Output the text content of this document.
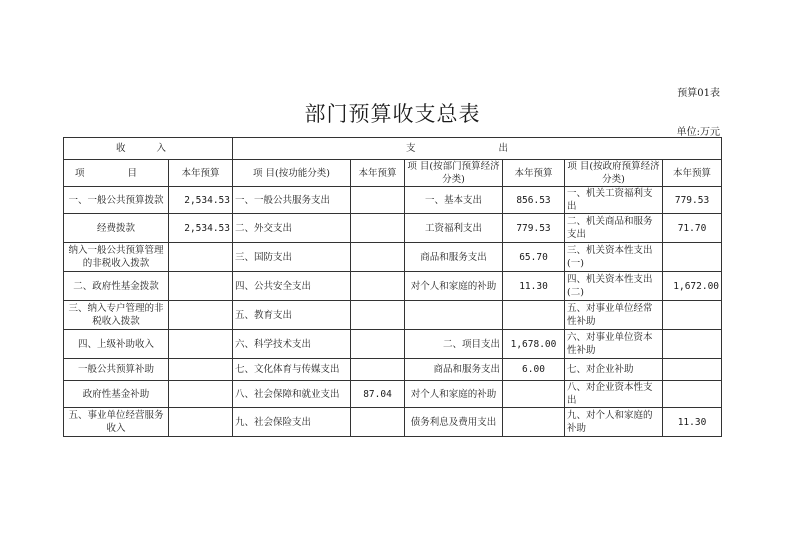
预算01表
部门预算收支总表
单位:万元
收 入		支 出					
项 目	本年预算	项 目(按功能分类)	本年预算	项 目(按部门预算经济分类)	本年预算	项 目(按政府预算经济分类)	本年预算
一、一般公共预算拨款	2,534.53	一、一般公共服务支出		一、基本支出	856.53	一、机关工资福利支出	779.53
经费拨款	2,534.53	二、外交支出		工资福利支出	779.53	二、机关商品和服务支出	71.70
纳入一般公共预算管理的非税收入拨款		三、国防支出		商品和服务支出	65.70	三、机关资本性支出(一)	
二、政府性基金拨款		四、公共安全支出		对个人和家庭的补助	11.30	四、机关资本性支出(二)	1,672.00
三、纳入专户管理的非税收入拨款		五、教育支出				五、对事业单位经常性补助	
四、上级补助收入		六、科学技术支出		二、项目支出	1,678.00	六、对事业单位资本性补助	
一般公共预算补助		七、文化体育与传媒支出		商品和服务支出	6.00	七、对企业补助	
政府性基金补助		八、社会保障和就业支出	87.04	对个人和家庭的补助		八、对企业资本性支出	
五、事业单位经营服务收入		九、社会保险支出		债务利息及费用支出		九、对个人和家庭的补助	11.30
